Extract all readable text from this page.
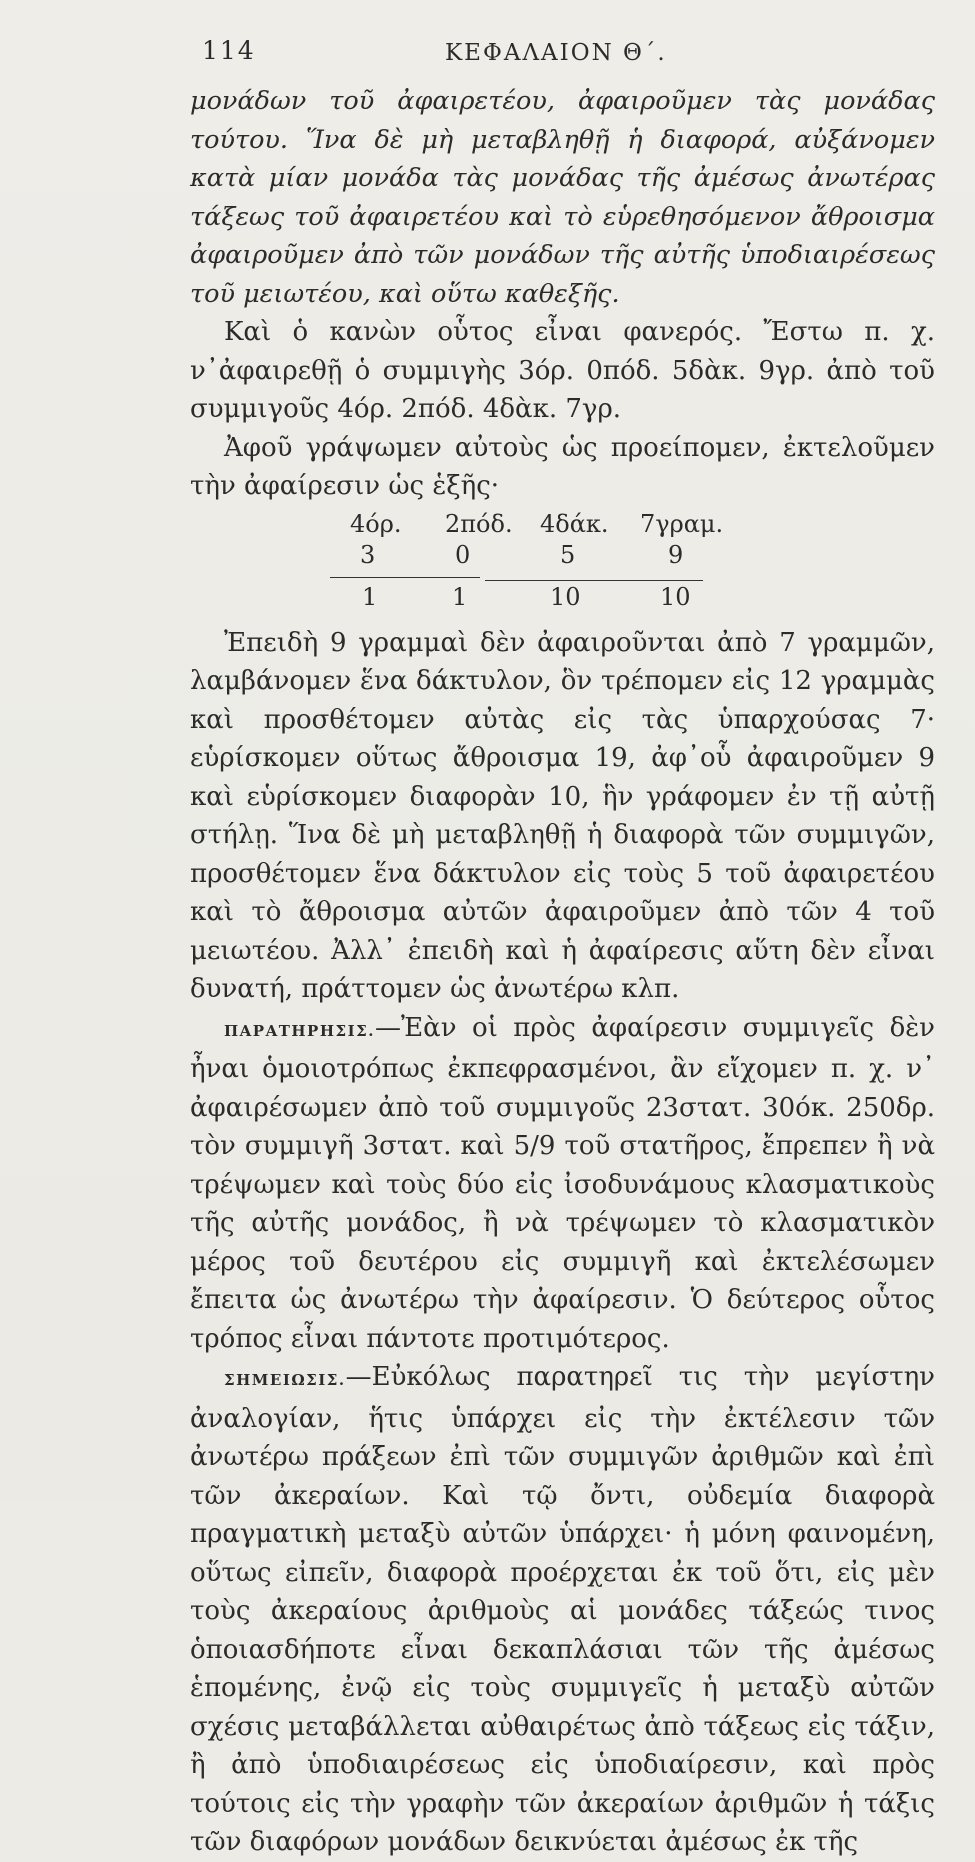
114	ΚΕΦΑΛΑΙΟΝ Θ΄.

μονάδων τοῦ ἀφαιρετέου, ἀφαιροῦμεν τὰς μονάδας τούτου. Ἵνα δὲ μὴ μεταβληθῇ ἡ διαφορά, αὐξάνομεν κατὰ μίαν μονάδα τὰς μονάδας τῆς ἀμέσως ἀνωτέρας τάξεως τοῦ ἀφαιρετέου καὶ τὸ εὑρεθησόμενον ἄθροισμα ἀφαιροῦμεν ἀπὸ τῶν μονάδων τῆς αὐτῆς ὑποδιαιρέσεως τοῦ μειωτέου, καὶ οὕτω καθεξῆς.

Καὶ ὁ κανὼν οὗτος εἶναι φανερός. Ἔστω π. χ. ν᾽ἀφαιρεθῇ ὁ συμμιγὴς 3όρ. 0πόδ. 5δὰκ. 9γρ. ἀπὸ τοῦ συμμιγοῦς 4όρ. 2πόδ. 4δὰκ. 7γρ.

Ἀφοῦ γράψωμεν αὐτοὺς ὡς προείπομεν, ἐκτελοῦμεν τὴν ἀφαίρεσιν ὡς ἑξῆς·

4όρ. 2πόδ. 4δάκ. 7γραμ.
3	0	5	9
1	1	10	10

Ἐπειδὴ 9 γραμμαὶ δὲν ἀφαιροῦνται ἀπὸ 7 γραμμῶν, λαμβάνομεν ἕνα δάκτυλον, ὃν τρέπομεν εἰς 12 γραμμὰς καὶ προσθέτομεν αὐτὰς εἰς τὰς ὑπαρχούσας 7· εὑρίσκομεν οὕτως ἄθροισμα 19, ἀφ᾽οὗ ἀφαιροῦμεν 9 καὶ εὑρίσκομεν διαφορὰν 10, ἣν γράφομεν ἐν τῇ αὐτῇ στήλῃ. Ἵνα δὲ μὴ μεταβληθῇ ἡ διαφορὰ τῶν συμμιγῶν, προσθέτομεν ἕνα δάκτυλον εἰς τοὺς 5 τοῦ ἀφαιρετέου καὶ τὸ ἄθροισμα αὐτῶν ἀφαιροῦμεν ἀπὸ τῶν 4 τοῦ μειωτέου. Ἀλλ᾽ ἐπειδὴ καὶ ἡ ἀφαίρεσις αὕτη δὲν εἶναι δυνατή, πράττομεν ὡς ἀνωτέρω κλπ.

ΠΑΡΑΤΗΡΗΣΙΣ.—Ἐὰν οἱ πρὸς ἀφαίρεσιν συμμιγεῖς δὲν ἦναι ὁμοιοτρόπως ἐκπεφρασμένοι, ἂν εἴχομεν π. χ. ν᾽ ἀφαιρέσωμεν ἀπὸ τοῦ συμμιγοῦς 23στατ. 30όκ. 250δρ. τὸν συμμιγῆ 3στατ. καὶ 5/9 τοῦ στατῆρος, ἔπρεπεν ἢ νὰ τρέψωμεν καὶ τοὺς δύο εἰς ἰσοδυνάμους κλασματικοὺς τῆς αὐτῆς μονάδος, ἢ νὰ τρέψωμεν τὸ κλασματικὸν μέρος τοῦ δευτέρου εἰς συμμιγῆ καὶ ἐκτελέσωμεν ἔπειτα ὡς ἀνωτέρω τὴν ἀφαίρεσιν. Ὁ δεύτερος οὗτος τρόπος εἶναι πάντοτε προτιμότερος.

ΣΗΜΕΙΩΣΙΣ.—Εὐκόλως παρατηρεῖ τις τὴν μεγίστην ἀναλογίαν, ἥτις ὑπάρχει εἰς τὴν ἐκτέλεσιν τῶν ἀνωτέρω πράξεων ἐπὶ τῶν συμμιγῶν ἀριθμῶν καὶ ἐπὶ τῶν ἀκεραίων. Καὶ τῷ ὄντι, οὐδεμία διαφορὰ πραγματικὴ μεταξὺ αὐτῶν ὑπάρχει· ἡ μόνη φαινομένη, οὕτως εἰπεῖν, διαφορὰ προέρχεται ἐκ τοῦ ὅτι, εἰς μὲν τοὺς ἀκεραίους ἀριθμοὺς αἱ μονάδες τάξεώς τινος ὁποιασδήποτε εἶναι δεκαπλάσιαι τῶν τῆς ἀμέσως ἑπομένης, ἐνῷ εἰς τοὺς συμμιγεῖς ἡ μεταξὺ αὐτῶν σχέσις μεταβάλλεται αὐθαιρέτως ἀπὸ τάξεως εἰς τάξιν, ἢ ἀπὸ ὑποδιαιρέσεως εἰς ὑποδιαίρεσιν, καὶ πρὸς τούτοις εἰς τὴν γραφὴν τῶν ἀκεραίων ἀριθμῶν ἡ τάξις τῶν διαφόρων μονάδων δεικνύεται ἀμέσως ἐκ τῆς
